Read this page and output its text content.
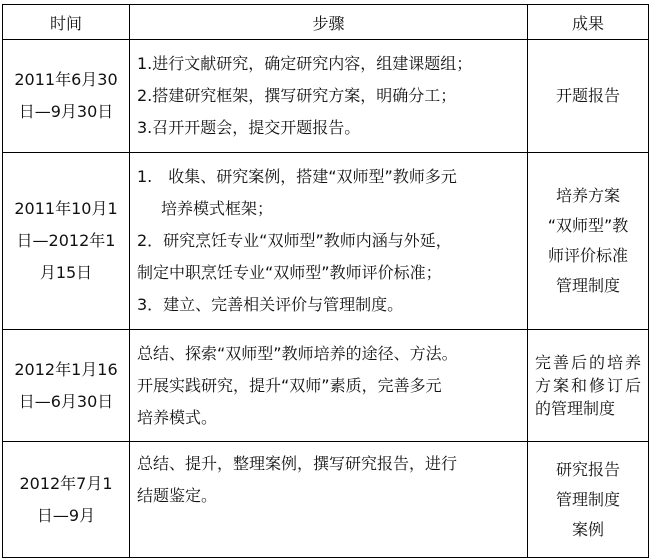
时间	步骤	成果

2011年6月30
日—9月30日	1.进行文献研究，确定研究内容，组建课题组；
2.搭建研究框架，撰写研究方案，明确分工；
3.召开开题会，提交开题报告。	开题报告

2011年10月1
日—2012年1
月15日	1.　收集、研究案例，搭建“双师型”教师多元
培养模式框架；
2．研究烹饪专业“双师型”教师内涵与外延，
制定中职烹饪专业“双师型”教师评价标准；
3．建立、完善相关评价与管理制度。	培养方案
“双师型”教
师评价标准
管理制度

2012年1月16
日—6月30日	总结、探索“双师型”教师培养的途径、方法。
开展实践研究，提升“双师”素质，完善多元
培养模式。	完善后的培养方案和修订后的管理制度

2012年7月1
日—9月	总结、提升，整理案例，撰写研究报告，进行
结题鉴定。	研究报告
管理制度
案例
